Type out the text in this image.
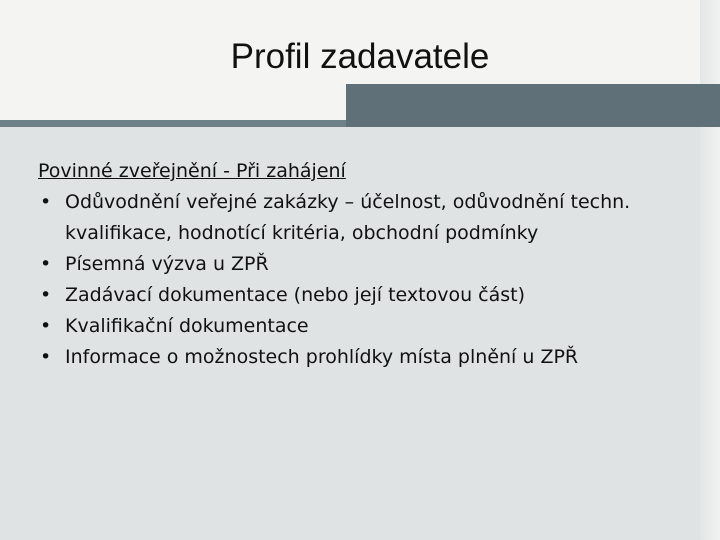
Profil zadavatele
Povinné zveřejnění - Při zahájení
• Odůvodnění veřejné zakázky – účelnost, odůvodnění techn. kvalifikace, hodnotící kritéria, obchodní podmínky
• Písemná výzva u ZPŘ
• Zadávací dokumentace (nebo její textovou část)
• Kvalifikační dokumentace
• Informace o možnostech prohlídky místa plnění u ZPŘ
